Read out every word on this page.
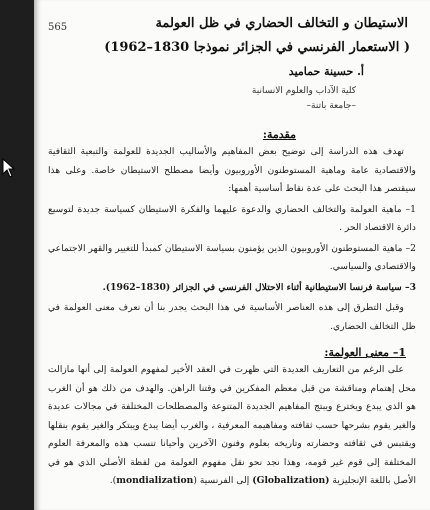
565	الاستيطان و التخالف الحضاري في ظل العولمة
( الاستعمار الفرنسي في الجزائر نموذجا 1830–1962)
أ. حسينة حماميد
كلية الآداب والعلوم الانسانية
–جامعة باتنة–
مقدمة:

تهدف هذه الدراسة إلى توضيح بعض المفاهيم والأساليب الجديدة للعولمة والتبعية الثقافية والاقتصادية عامة وماهية المستوطنون الأوروبيون وأيضا مصطلح الاستيطان خاصة. وعلى هذا سيقتصر هذا البحث على عدة نقاط أساسية أهمها:

1– ماهية العولمة والتخالف الحضاري والدعوة عليهما والفكرة الاستيطان كسياسة جديدة لتوسيع دائرة الاقتصاد الحر .

2– ماهية المستوطنون الأوروبيون الذين يؤمنون بسياسة الاستيطان كمبدأ للتغيير والقهر الاجتماعي والاقتصادي والسياسي.

3– سياسة فرنسا الاستيطانية أثناء الاحتلال الفرنسي في الجزائر (1830–1962).

وقبل التطرق إلى هذه العناصر الأساسية في هذا البحث يجدر بنا أن نعرف معنى العولمة في ظل التخالف الحضاري.

1– معنى العولمة:

على الرغم من التعاريف العديدة التي ظهرت في العقد الأخير لمفهوم العولمة إلى أنها مازالت محل إهتمام ومناقشة من قبل معظم المفكرين في وقتنا الراهن. والهدف من ذلك هو أن الغرب هو الذي يبدع ويخترع ويبتج المفاهيم الجديدة المتنوعة والمصطلحات المختلفة في مجالات عديدة والغير يقوم بشرحها حسب ثقافته ومفاهيمه المعرفية ، والغرب أيضا يبدع ويبتكر والغير يقوم بنقلها ويقتبس في ثقافته وحضارته وتاريخه بعلوم وفنون الآخرين وأحيانا تنسب هذه والمعرفة العلوم المختلفة إلى قوم غير قومه، وهذا نجد نحو نقل مفهوم العولمة من لفظة الأصلي الذي هو في الأصل باللغة الإنجليزية (Globalization) إلى الفرنسية (mondialization).
